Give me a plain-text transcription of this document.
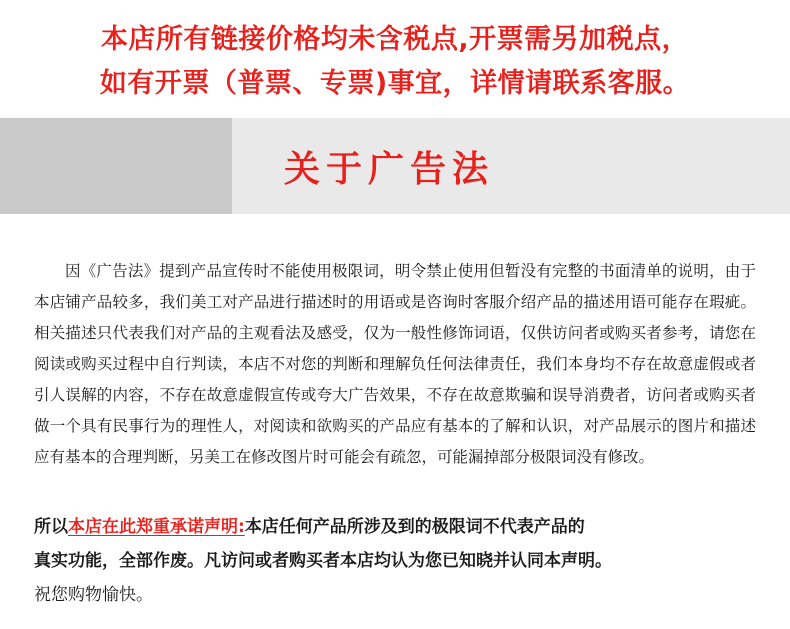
本店所有链接价格均未含税点,开票需另加税点，
如有开票（普票、专票)事宜，详情请联系客服。
关于广告法

因《广告法》提到产品宣传时不能使用极限词，明令禁止使用但暂没有完整的书面清单的说明，由于本店铺产品较多，我们美工对产品进行描述时的用语或是咨询时客服介绍产品的描述用语可能存在瑕疵。相关描述只代表我们对产品的主观看法及感受，仅为一般性修饰词语，仅供访问者或购买者参考，请您在阅读或购买过程中自行判读，本店不对您的判断和理解负任何法律责任，我们本身均不存在故意虚假或者引人误解的内容，不存在故意虚假宣传或夸大广告效果，不存在故意欺骗和误导消费者，访问者或购买者做一个具有民事行为的理性人，对阅读和欲购买的产品应有基本的了解和认识，对产品展示的图片和描述应有基本的合理判断，另美工在修改图片时可能会有疏忽，可能漏掉部分极限词没有修改。

所以本店在此郑重承诺声明:本店任何产品所涉及到的极限词不代表产品的
真实功能，全部作废。凡访问或者购买者本店均认为您已知晓并认同本声明。
祝您购物愉快。
